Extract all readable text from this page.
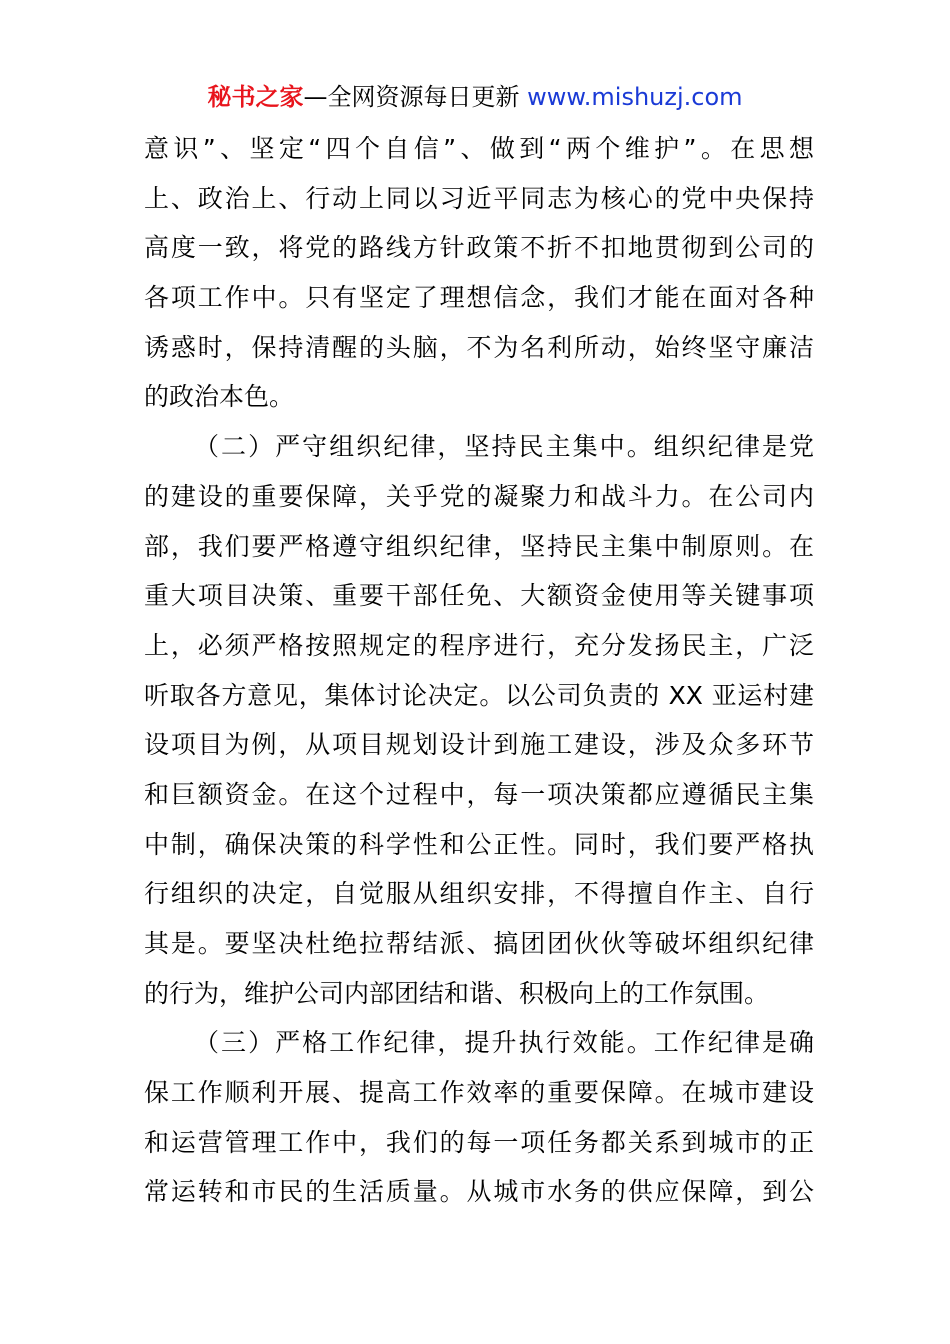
秘书之家—全网资源每日更新 www.mishuzj.com
意识”、坚定“四个自信”、做到“两个维护”。在思想
上、政治上、行动上同以习近平同志为核心的党中央保持
高度一致，将党的路线方针政策不折不扣地贯彻到公司的
各项工作中。只有坚定了理想信念，我们才能在面对各种
诱惑时，保持清醒的头脑，不为名利所动，始终坚守廉洁
的政治本色。
（二）严守组织纪律，坚持民主集中。组织纪律是党
的建设的重要保障，关乎党的凝聚力和战斗力。在公司内
部，我们要严格遵守组织纪律，坚持民主集中制原则。在
重大项目决策、重要干部任免、大额资金使用等关键事项
上，必须严格按照规定的程序进行，充分发扬民主，广泛
听取各方意见，集体讨论决定。以公司负责的 XX 亚运村建
设项目为例，从项目规划设计到施工建设，涉及众多环节
和巨额资金。在这个过程中，每一项决策都应遵循民主集
中制，确保决策的科学性和公正性。同时，我们要严格执
行组织的决定，自觉服从组织安排，不得擅自作主、自行
其是。要坚决杜绝拉帮结派、搞团团伙伙等破坏组织纪律
的行为，维护公司内部团结和谐、积极向上的工作氛围。
（三）严格工作纪律，提升执行效能。工作纪律是确
保工作顺利开展、提高工作效率的重要保障。在城市建设
和运营管理工作中，我们的每一项任务都关系到城市的正
常运转和市民的生活质量。从城市水务的供应保障，到公
